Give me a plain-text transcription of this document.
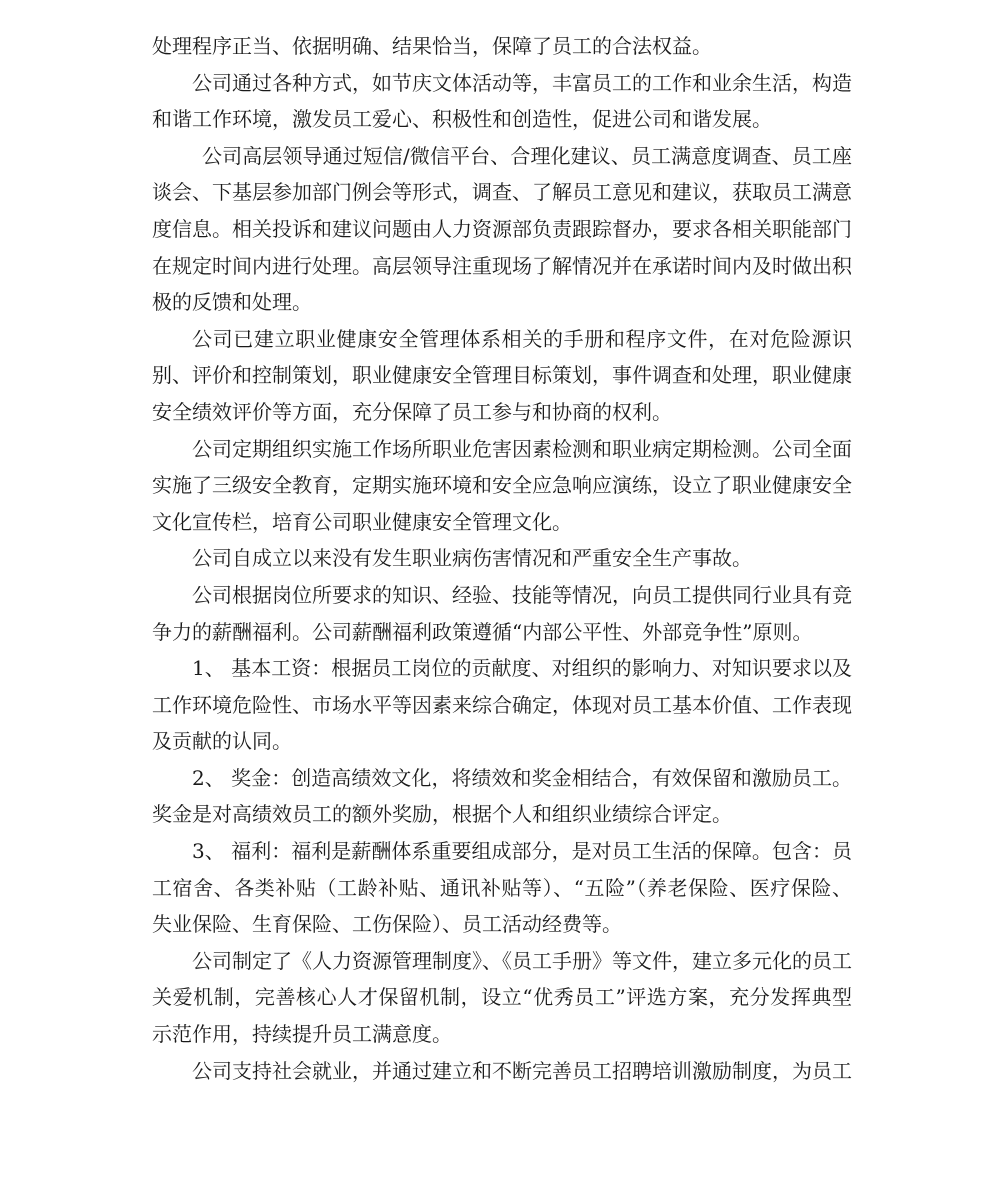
处理程序正当、依据明确、结果恰当，保障了员工的合法权益。

公司通过各种方式，如节庆文体活动等，丰富员工的工作和业余生活，构造和谐工作环境，激发员工爱心、积极性和创造性，促进公司和谐发展。

公司高层领导通过短信/微信平台、合理化建议、员工满意度调查、员工座谈会、下基层参加部门例会等形式，调查、了解员工意见和建议，获取员工满意度信息。相关投诉和建议问题由人力资源部负责跟踪督办，要求各相关职能部门在规定时间内进行处理。高层领导注重现场了解情况并在承诺时间内及时做出积极的反馈和处理。

公司已建立职业健康安全管理体系相关的手册和程序文件，在对危险源识别、评价和控制策划，职业健康安全管理目标策划，事件调查和处理，职业健康安全绩效评价等方面，充分保障了员工参与和协商的权利。

公司定期组织实施工作场所职业危害因素检测和职业病定期检测。公司全面实施了三级安全教育，定期实施环境和安全应急响应演练，设立了职业健康安全文化宣传栏，培育公司职业健康安全管理文化。

公司自成立以来没有发生职业病伤害情况和严重安全生产事故。

公司根据岗位所要求的知识、经验、技能等情况，向员工提供同行业具有竞争力的薪酬福利。公司薪酬福利政策遵循“内部公平性、外部竞争性”原则。

1、 基本工资：根据员工岗位的贡献度、对组织的影响力、对知识要求以及工作环境危险性、市场水平等因素来综合确定，体现对员工基本价值、工作表现及贡献的认同。

2、 奖金：创造高绩效文化，将绩效和奖金相结合，有效保留和激励员工。奖金是对高绩效员工的额外奖励，根据个人和组织业绩综合评定。

3、 福利：福利是薪酬体系重要组成部分，是对员工生活的保障。包含：员工宿舍、各类补贴（工龄补贴、通讯补贴等）、“五险”（养老保险、医疗保险、失业保险、生育保险、工伤保险）、员工活动经费等。

公司制定了《人力资源管理制度》、《员工手册》等文件，建立多元化的员工关爱机制，完善核心人才保留机制，设立“优秀员工”评选方案，充分发挥典型示范作用，持续提升员工满意度。

公司支持社会就业，并通过建立和不断完善员工招聘培训激励制度，为员工
